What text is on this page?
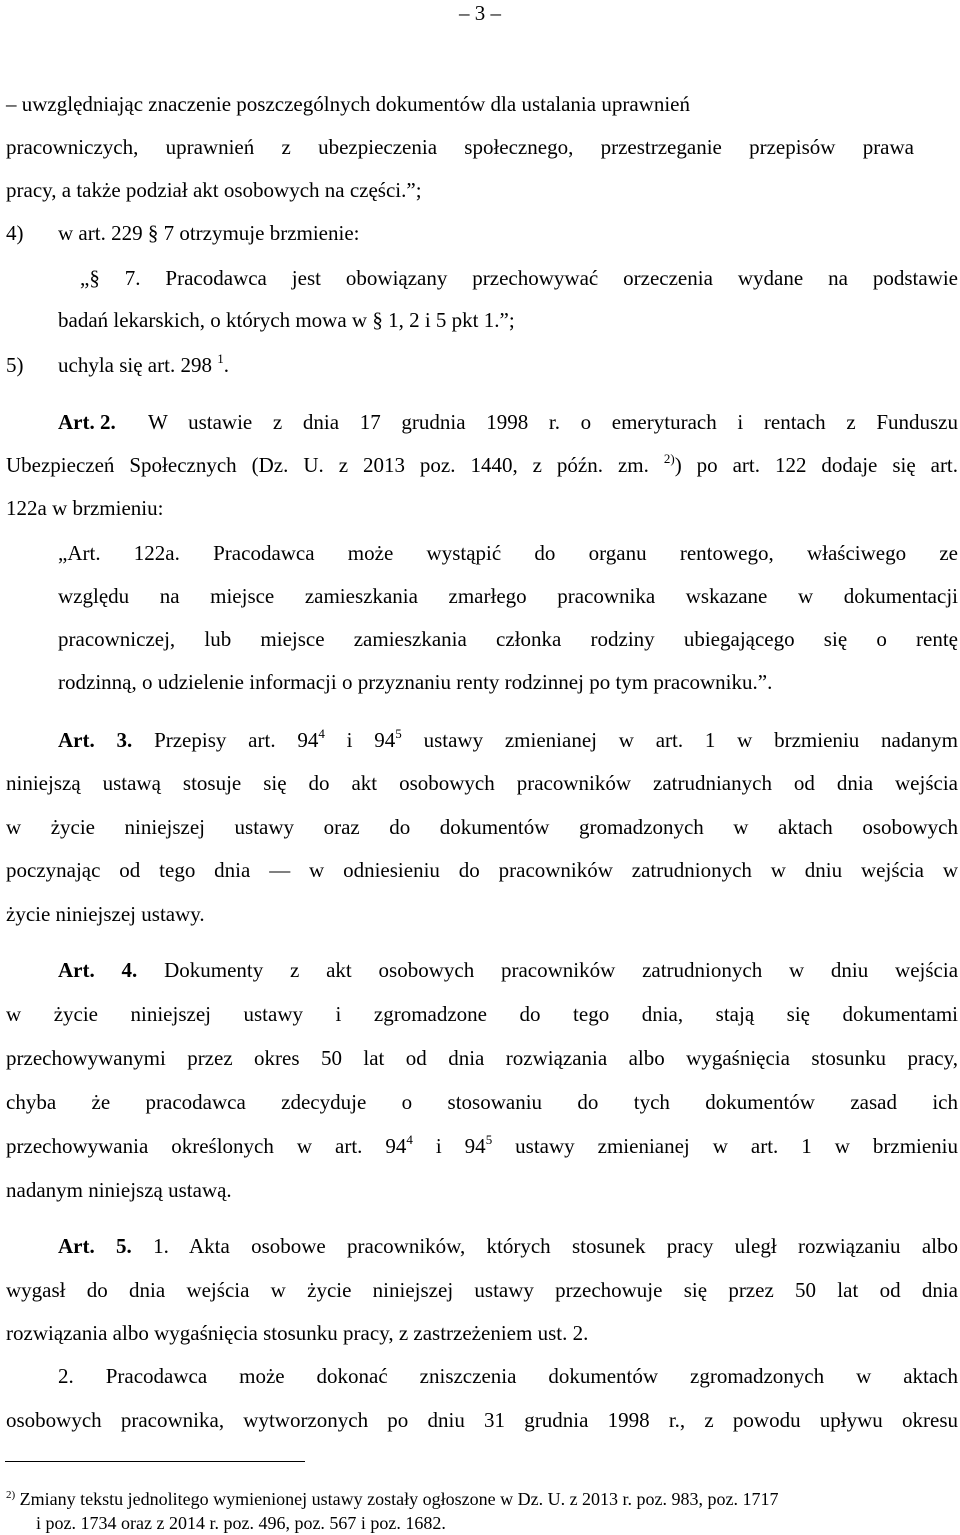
– 3 –
– uwzględniając znaczenie poszczególnych dokumentów dla ustalania uprawnień
pracowniczych, uprawnień z ubezpieczenia społecznego, przestrzeganie przepisów prawa
pracy, a także podział akt osobowych na części.”;
4) w art. 229 § 7 otrzymuje brzmienie:
„§ 7. Pracodawca jest obowiązany przechowywać orzeczenia wydane na podstawie
badań lekarskich, o których mowa w § 1, 2 i 5 pkt 1.”;
5) uchyla się art. 298 $^1$.
Art. 2. W ustawie z dnia 17 grudnia 1998 r. o emeryturach i rentach z Funduszu
Ubezpieczeń Społecznych (Dz. U. z 2013 poz. 1440, z późn. zm. $^{2)}$) po art. 122 dodaje się art.
122a w brzmieniu:
„Art. 122a. Pracodawca może wystąpić do organu rentowego, właściwego ze
względu na miejsce zamieszkania zmarłego pracownika wskazane w dokumentacji
pracowniczej, lub miejsce zamieszkania członka rodziny ubiegającego się o rentę
rodzinną, o udzielenie informacji o przyznaniu renty rodzinnej po tym pracowniku.”.
Art. 3. Przepisy art. $94^4$ i $94^5$ ustawy zmienianej w art. 1 w brzmieniu nadanym
niniejszą ustawą stosuje się do akt osobowych pracowników zatrudnianych od dnia wejścia
w życie niniejszej ustawy oraz do dokumentów gromadzonych w aktach osobowych
poczynając od tego dnia — w odniesieniu do pracowników zatrudnionych w dniu wejścia w
życie niniejszej ustawy.
Art. 4. Dokumenty z akt osobowych pracowników zatrudnionych w dniu wejścia
w życie niniejszej ustawy i zgromadzone do tego dnia, stają się dokumentami
przechowywanymi przez okres 50 lat od dnia rozwiązania albo wygaśnięcia stosunku pracy,
chyba że pracodawca zdecyduje o stosowaniu do tych dokumentów zasad ich
przechowywania określonych w art. $94^4$ i $94^5$ ustawy zmienianej w art. 1 w brzmieniu
nadanym niniejszą ustawą.
Art. 5. 1. Akta osobowe pracowników, których stosunek pracy uległ rozwiązaniu albo
wygasł do dnia wejścia w życie niniejszej ustawy przechowuje się przez 50 lat od dnia
rozwiązania albo wygaśnięcia stosunku pracy, z zastrzeżeniem ust. 2.
2. Pracodawca może dokonać zniszczenia dokumentów zgromadzonych w aktach
osobowych pracownika, wytworzonych po dniu 31 grudnia 1998 r., z powodu upływu okresu
$^{2)}$ Zmiany tekstu jednolitego wymienionej ustawy zostały ogłoszone w Dz. U. z 2013 r. poz. 983, poz. 1717
i poz. 1734 oraz z 2014 r. poz. 496, poz. 567 i poz. 1682.
